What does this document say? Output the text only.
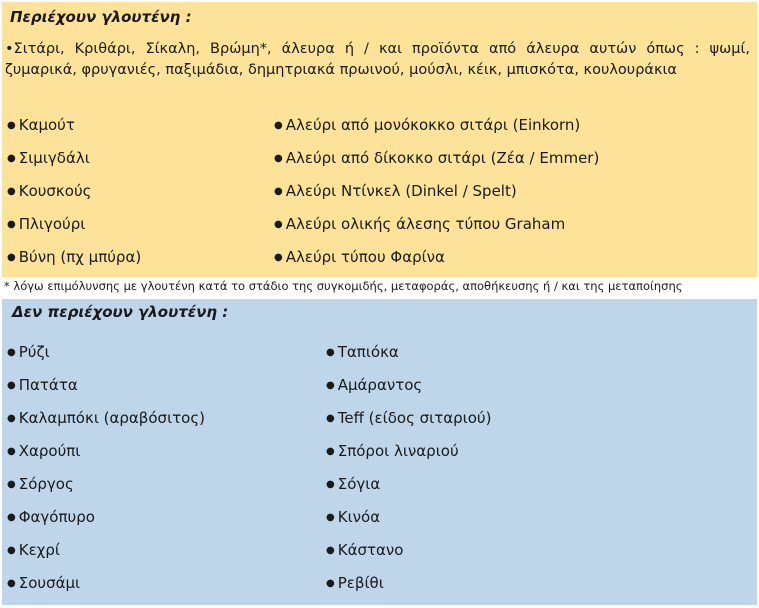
Περιέχουν γλουτένη :
•Σιτάρι, Κριθάρι, Σίκαλη, Βρώμη*, άλευρα ή / και προϊόντα από άλευρα αυτών όπως : ψωμί, ζυμαρικά, φρυγανιές, παξιμάδια, δημητριακά πρωινού, μούσλι, κέικ, μπισκότα, κουλουράκια
● Καμούτ
● Σιμιγδάλι
● Κουσκούς
● Πλιγούρι
● Βύνη (πχ μπύρα)
● Αλεύρι από μονόκοκκο σιτάρι (Einkorn)
● Αλεύρι από δίκοκκο σιτάρι (Ζέα / Emmer)
● Αλεύρι Ντίνκελ (Dinkel / Spelt)
● Αλεύρι ολικής άλεσης τύπου Graham
● Αλεύρι τύπου Φαρίνα
* λόγω επιμόλυνσης με γλουτένη κατά το στάδιο της συγκομιδής, μεταφοράς, αποθήκευσης ή / και της μεταποίησης
Δεν περιέχουν γλουτένη :
● Ρύζι
● Πατάτα
● Καλαμπόκι (αραβόσιτος)
● Χαρούπι
● Σόργος
● Φαγόπυρο
● Κεχρί
● Σουσάμι
● Ταπιόκα
● Αμάραντος
● Teff (είδος σιταριού)
● Σπόροι λιναριού
● Σόγια
● Κινόα
● Κάστανο
● Ρεβίθι
